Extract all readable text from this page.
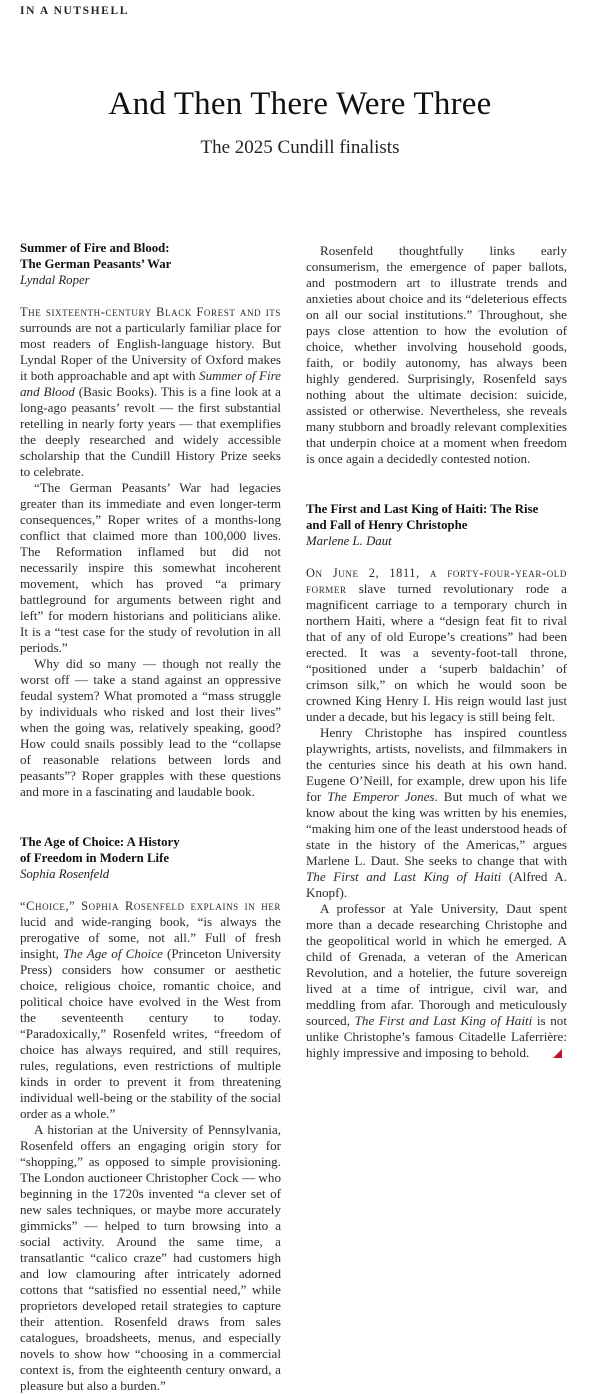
IN A NUTSHELL
And Then There Were Three
The 2025 Cundill finalists
Summer of Fire and Blood:
The German Peasants’ War
Lyndal Roper

The sixteenth-century Black Forest and its surrounds are not a particularly familiar place for most readers of English-language history. But Lyndal Roper of the University of Oxford makes it both approachable and apt with Summer of Fire and Blood (Basic Books). This is a fine look at a long-ago peasants’ revolt — the first substantial retelling in nearly forty years — that exemplifies the deeply researched and widely accessible scholarship that the Cundill History Prize seeks to celebrate.

“The German Peasants’ War had legacies greater than its immediate and even longer-term consequences,” Roper writes of a months-long conflict that claimed more than 100,000 lives. The Reformation inflamed but did not necessarily inspire this somewhat incoherent movement, which has proved “a primary battleground for arguments between right and left” for modern historians and politicians alike. It is a “test case for the study of revolution in all periods.”

Why did so many — though not really the worst off — take a stand against an oppressive feudal system? What promoted a “mass struggle by individuals who risked and lost their lives” when the going was, relatively speaking, good? How could snails possibly lead to the “collapse of reasonable relations between lords and peasants”? Roper grapples with these questions and more in a fascinating and laudable book.

The Age of Choice: A History
of Freedom in Modern Life
Sophia Rosenfeld

“Choice,” Sophia Rosenfeld explains in her lucid and wide-ranging book, “is always the prerogative of some, not all.” Full of fresh insight, The Age of Choice (Princeton University Press) considers how consumer or aesthetic choice, religious choice, romantic choice, and political choice have evolved in the West from the seventeenth century to today. “Paradoxically,” Rosenfeld writes, “freedom of choice has always required, and still requires, rules, regulations, even restrictions of multiple kinds in order to prevent it from threatening individual well-being or the stability of the social order as a whole.”

A historian at the University of Pennsylvania, Rosenfeld offers an engaging origin story for “shopping,” as opposed to simple provisioning. The London auctioneer Christopher Cock — who beginning in the 1720s invented “a clever set of new sales techniques, or maybe more accurately gimmicks” — helped to turn browsing into a social activity. Around the same time, a transatlantic “calico craze” had customers high and low clamouring after intricately adorned cottons that “satisfied no essential need,” while proprietors developed retail strategies to capture their attention. Rosenfeld draws from sales catalogues, broadsheets, menus, and especially novels to show how “choosing in a commercial context is, from the eighteenth century onward, a pleasure but also a burden.”

Rosenfeld thoughtfully links early consumerism, the emergence of paper ballots, and postmodern art to illustrate trends and anxieties about choice and its “deleterious effects on all our social institutions.” Throughout, she pays close attention to how the evolution of choice, whether involving household goods, faith, or bodily autonomy, has always been highly gendered. Surprisingly, Rosenfeld says nothing about the ultimate decision: suicide, assisted or otherwise. Nevertheless, she reveals many stubborn and broadly relevant complexities that underpin choice at a moment when freedom is once again a decidedly contested notion.

The First and Last King of Haiti: The Rise
and Fall of Henry Christophe
Marlene L. Daut

On June 2, 1811, a forty-four-year-old former slave turned revolutionary rode a magnificent carriage to a temporary church in northern Haiti, where a “design feat fit to rival that of any of old Europe’s creations” had been erected. It was a seventy-foot-tall throne, “positioned under a ‘superb baldachin’ of crimson silk,” on which he would soon be crowned King Henry I. His reign would last just under a decade, but his legacy is still being felt.

Henry Christophe has inspired countless playwrights, artists, novelists, and filmmakers in the centuries since his death at his own hand. Eugene O’Neill, for example, drew upon his life for The Emperor Jones. But much of what we know about the king was written by his enemies, “making him one of the least understood heads of state in the history of the Americas,” argues Marlene L. Daut. She seeks to change that with The First and Last King of Haiti (Alfred A. Knopf).

A professor at Yale University, Daut spent more than a decade researching Christophe and the geopolitical world in which he emerged. A child of Grenada, a veteran of the American Revolution, and a hotelier, the future sovereign lived at a time of intrigue, civil war, and meddling from afar. Thorough and meticulously sourced, The First and Last King of Haiti is not unlike Christophe’s famous Citadelle Laferrière: highly impressive and imposing to behold.
